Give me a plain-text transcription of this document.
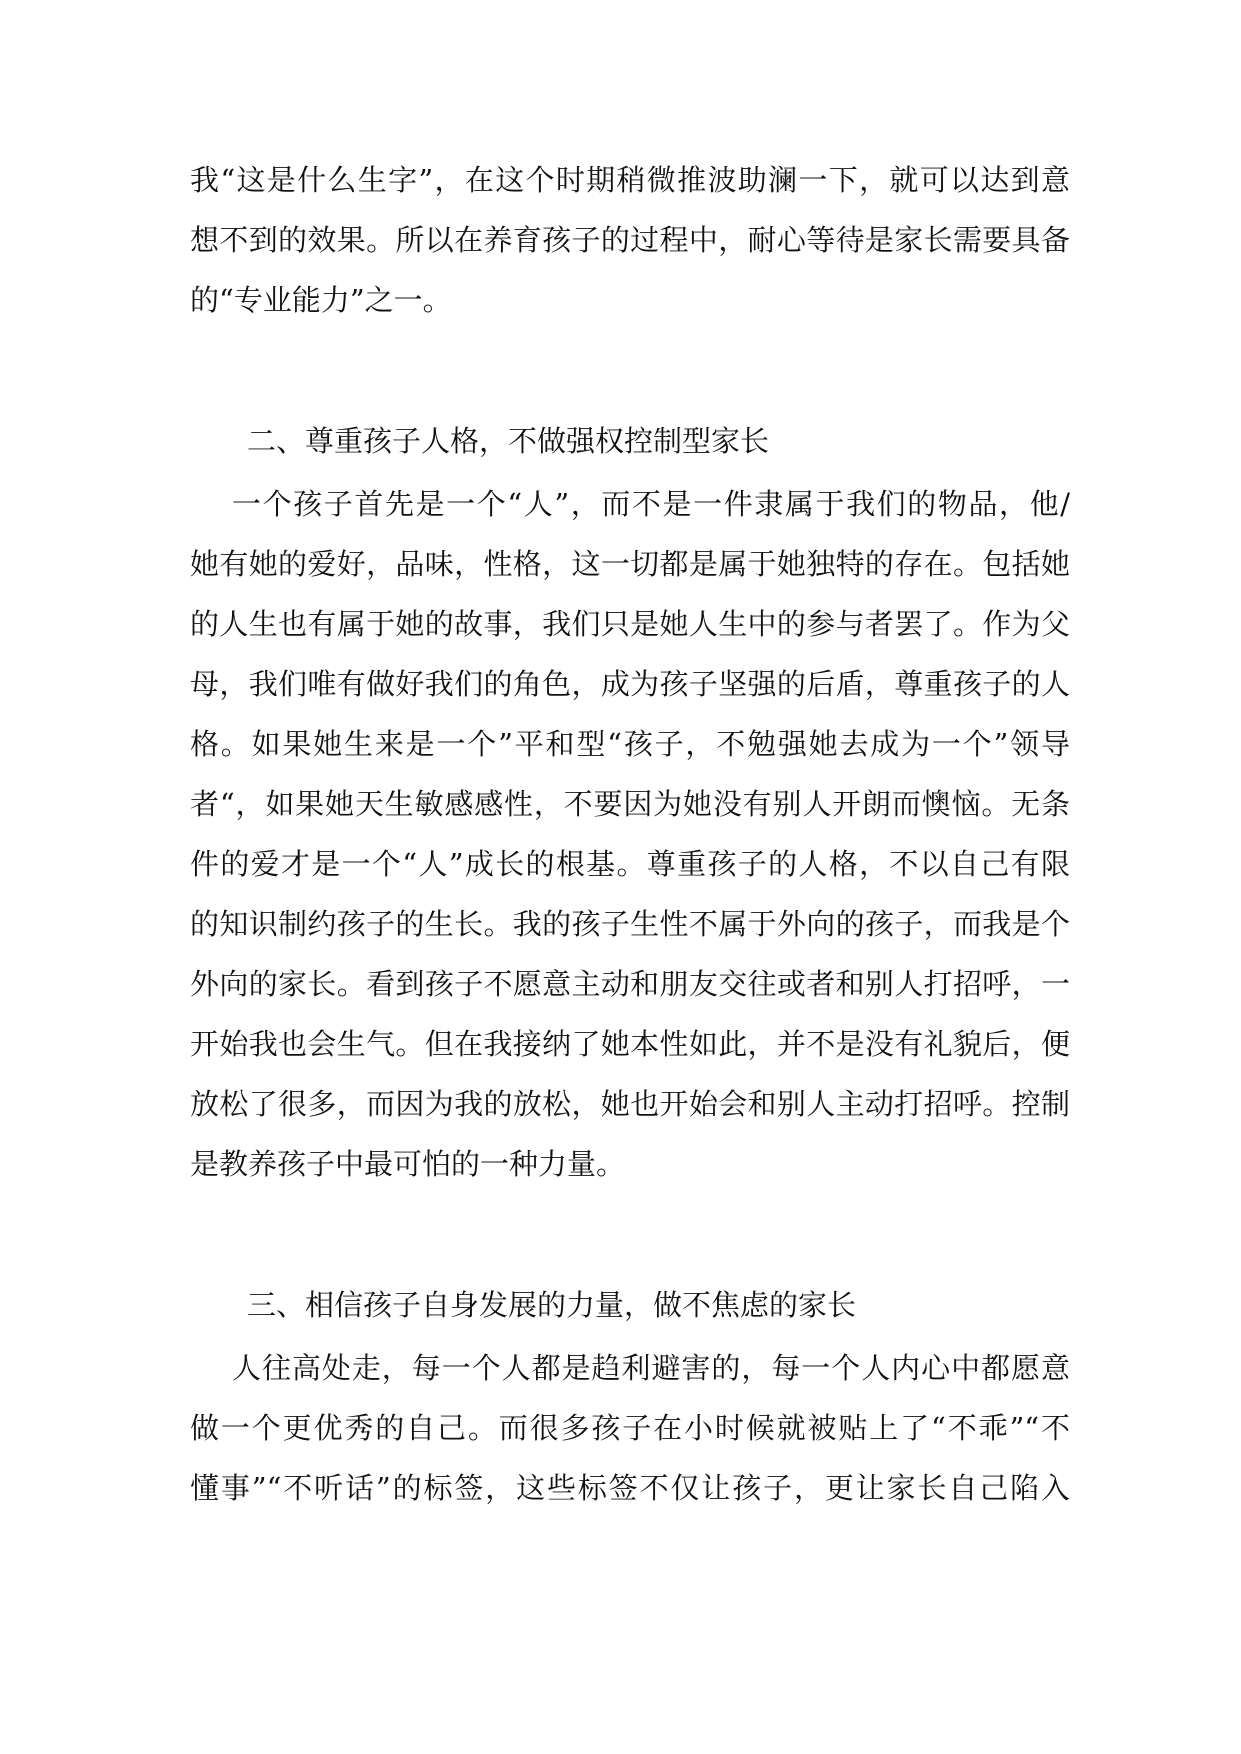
我“这是什么生字”，在这个时期稍微推波助澜一下，就可以达到意
想不到的效果。所以在养育孩子的过程中，耐心等待是家长需要具备
的“专业能力”之一。
二、尊重孩子人格，不做强权控制型家长
一个孩子首先是一个“人”，而不是一件隶属于我们的物品，他/
她有她的爱好，品味，性格，这一切都是属于她独特的存在。包括她
的人生也有属于她的故事，我们只是她人生中的参与者罢了。作为父
母，我们唯有做好我们的角色，成为孩子坚强的后盾，尊重孩子的人
格。如果她生来是一个”平和型“孩子，不勉强她去成为一个”领导
者“，如果她天生敏感感性，不要因为她没有别人开朗而懊恼。无条
件的爱才是一个“人”成长的根基。尊重孩子的人格，不以自己有限
的知识制约孩子的生长。我的孩子生性不属于外向的孩子，而我是个
外向的家长。看到孩子不愿意主动和朋友交往或者和别人打招呼，一
开始我也会生气。但在我接纳了她本性如此，并不是没有礼貌后，便
放松了很多，而因为我的放松，她也开始会和别人主动打招呼。控制
是教养孩子中最可怕的一种力量。
三、相信孩子自身发展的力量，做不焦虑的家长
人往高处走，每一个人都是趋利避害的，每一个人内心中都愿意
做一个更优秀的自己。而很多孩子在小时候就被贴上了“不乖”“不
懂事”“不听话”的标签，这些标签不仅让孩子，更让家长自己陷入
